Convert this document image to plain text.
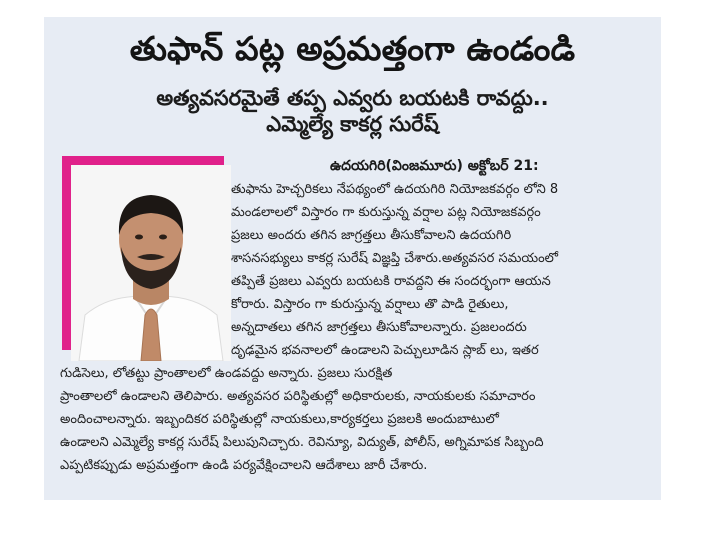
తుఫాన్ పట్ల అప్రమత్తంగా ఉండండి
అత్యవసరమైతే తప్ప ఎవ్వరు బయటకి రావద్దు..
ఎమ్మెల్యే కాకర్ల సురేష్
ఉదయగిరి(వింజమూరు) అక్టోబర్ 21:
తుఫాను హెచ్చరికలు నేపథ్యంలో ఉదయగిరి నియోజకవర్గం లోని 8
మండలాలలో విస్తారం గా కురుస్తున్న వర్షాల పట్ల నియోజకవర్గం
ప్రజలు అందరు తగిన జాగ్రత్తలు తీసుకోవాలని ఉదయగిరి
శాసనసభ్యులు కాకర్ల సురేష్ విజ్ఞప్తి చేశారు.అత్యవసర సమయంలో
తప్పితే ప్రజలు ఎవ్వరు బయటకి రావద్దని ఈ సందర్భంగా ఆయన
కోరారు. విస్తారం గా కురుస్తున్న వర్షాలు తొ పాడి రైతులు,
అన్నదాతలు తగిన జాగ్రత్తలు తీసుకోవాలన్నారు. ప్రజలందరు
దృఢమైన భవనాలలో ఉండాలని పెచ్చులూడిన స్లాబ్ లు, ఇతర
గుడిసెలు, లోతట్టు ప్రాంతాలలో ఉండవద్దు అన్నారు. ప్రజలు సురక్షిత
ప్రాంతాలలో ఉండాలని తెలిపారు. అత్యవసర పరిస్థితుల్లో అధికారులకు, నాయకులకు సమాచారం
అందించాలన్నారు. ఇబ్బందికర పరిస్థితుల్లో నాయకులు,కార్యకర్తలు ప్రజలకి అందుబాటులో
ఉండాలని ఎమ్మెల్యే కాకర్ల సురేష్ పిలుపునిచ్చారు. రెవిన్యూ, విద్యుత్, పోలీస్, అగ్నిమాపక సిబ్బంది
ఎప్పటికప్పుడు అప్రమత్తంగా ఉండి పర్యవేక్షించాలని ఆదేశాలు జారీ చేశారు.
